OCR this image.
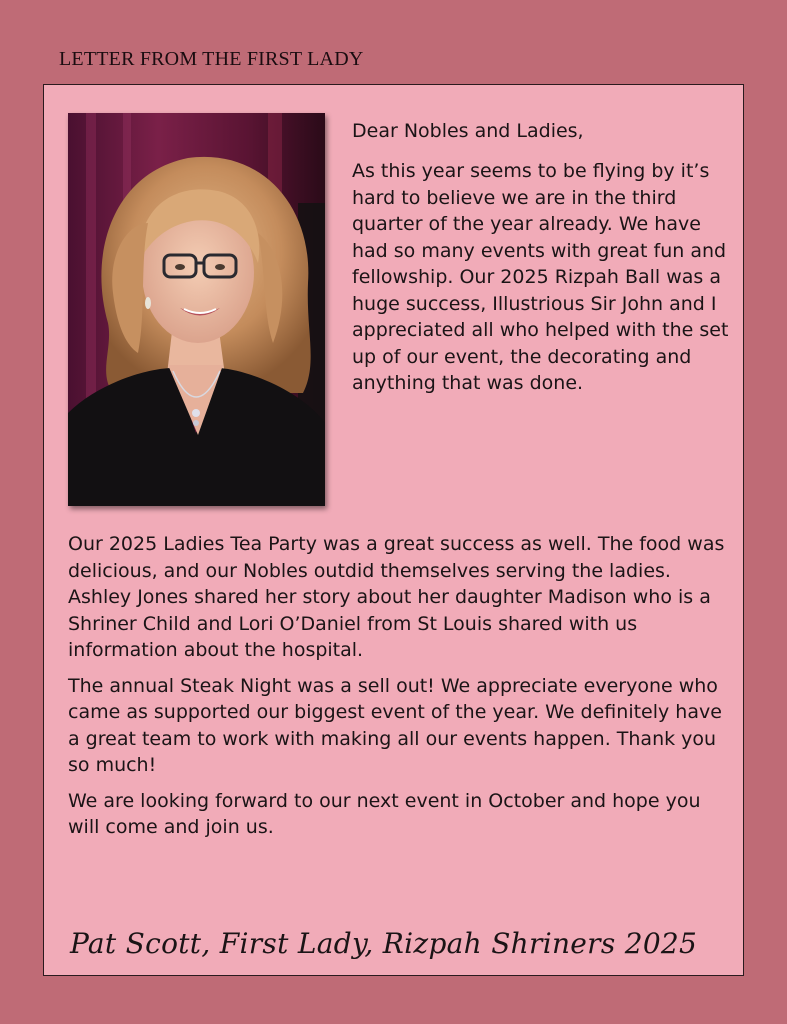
LETTER FROM THE FIRST LADY

Dear Nobles and Ladies,

As this year seems to be flying by it’s hard to believe we are in the third quarter of the year already. We have had so many events with great fun and fellowship. Our 2025 Rizpah Ball was a huge success, Illustrious Sir John and I appreciated all who helped with the set up of our event, the decorating and anything that was done.

Our 2025 Ladies Tea Party was a great success as well. The food was delicious, and our Nobles outdid themselves serving the ladies. Ashley Jones shared her story about her daughter Madison who is a Shriner Child and Lori O’Daniel from St Louis shared with us information about the hospital.

The annual Steak Night was a sell out! We appreciate everyone who came as supported our biggest event of the year. We definitely have a great team to work with making all our events happen. Thank you so much!

We are looking forward to our next event in October and hope you will come and join us.

Pat Scott, First Lady, Rizpah Shriners 2025
